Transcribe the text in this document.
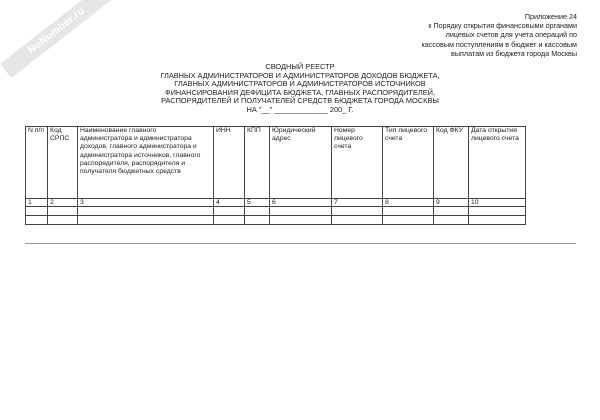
NoNumber.ru	Приложение 24
к Порядку открытия финансовыми органами
лицевых счетов для учета операций по
кассовым поступлениям в бюджет и кассовым
выплатам из бюджета города Москвы
СВОДНЫЙ РЕЕСТР
ГЛАВНЫХ АДМИНИСТРАТОРОВ И АДМИНИСТРАТОРОВ ДОХОДОВ БЮДЖЕТА,
ГЛАВНЫХ АДМИНИСТРАТОРОВ И АДМИНИСТРАТОРОВ ИСТОЧНИКОВ
ФИНАНСИРОВАНИЯ ДЕФИЦИТА БЮДЖЕТА, ГЛАВНЫХ РАСПОРЯДИТЕЛЕЙ,
РАСПОРЯДИТЕЛЕЙ И ПОЛУЧАТЕЛЕЙ СРЕДСТВ БЮДЖЕТА ГОРОДА МОСКВЫ
НА "__" _____________ 200_ Г.
N п/п	Код СРПС	Наименование главного администратора и администратора доходов, главного администратора и администратора источников, главного распорядителя, распорядителя и получателя бюджетных средств	ИНН	КПП	Юридический адрес	Номер лицевого счета	Тип лицевого счета	Код ФКУ	Дата открытия лицевого счета
1	2	3	4	5	6	7	8	9	10
